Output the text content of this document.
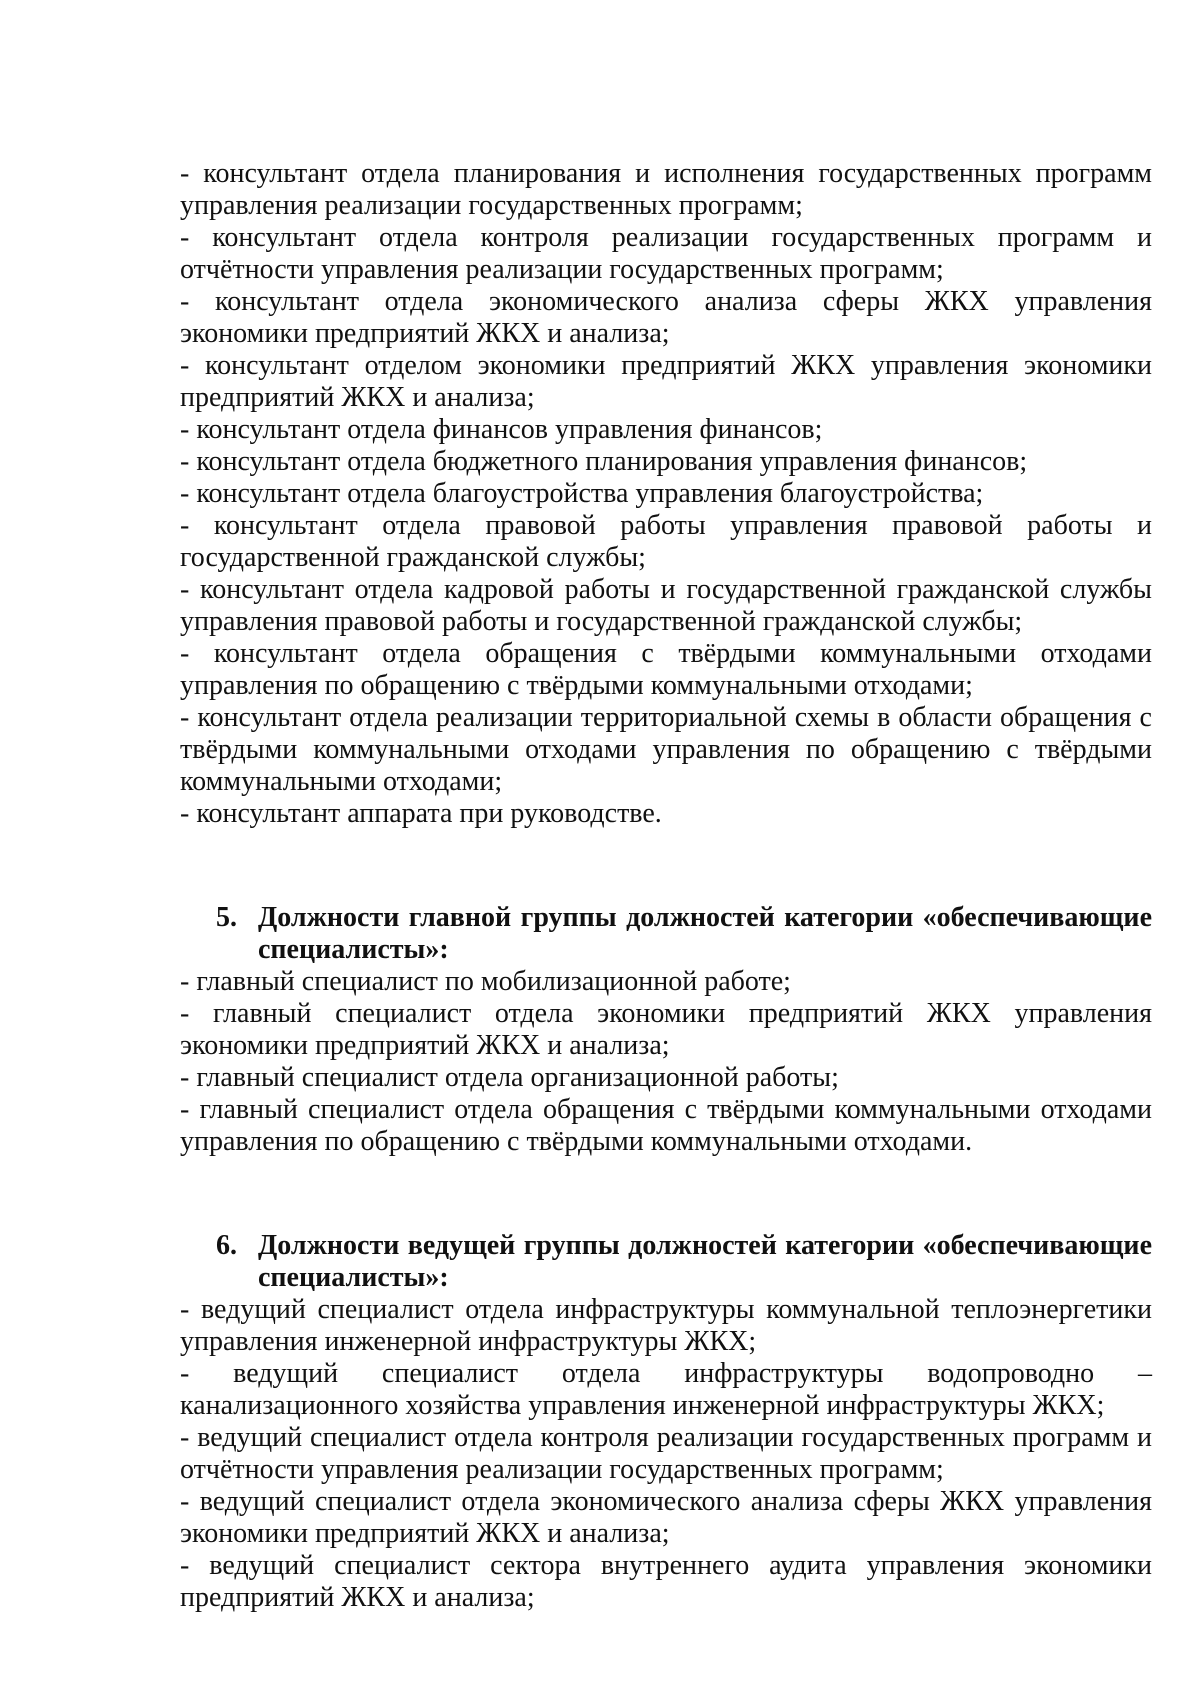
- консультант отдела планирования и исполнения государственных программ управления реализации государственных программ;

- консультант отдела контроля реализации государственных программ и отчётности управления реализации государственных программ;

- консультант отдела экономического анализа сферы ЖКХ управления экономики предприятий ЖКХ и анализа;

- консультант отделом экономики предприятий ЖКХ управления экономики предприятий ЖКХ и анализа;

- консультант отдела финансов управления финансов;

- консультант отдела бюджетного планирования управления финансов;

- консультант отдела благоустройства управления благоустройства;

- консультант отдела правовой работы управления правовой работы и государственной гражданской службы;

- консультант отдела кадровой работы и государственной гражданской службы управления правовой работы и государственной гражданской службы;

- консультант отдела обращения с твёрдыми коммунальными отходами управления по обращению с твёрдыми коммунальными отходами;

- консультант отдела реализации территориальной схемы в области обращения с твёрдыми коммунальными отходами управления по обращению с твёрдыми коммунальными отходами;

- консультант аппарата при руководстве.

5. Должности главной группы должностей категории «обеспечивающие специалисты»:

- главный специалист по мобилизационной работе;

- главный специалист отдела экономики предприятий ЖКХ управления экономики предприятий ЖКХ и анализа;

- главный специалист отдела организационной работы;

- главный специалист отдела обращения с твёрдыми коммунальными отходами управления по обращению с твёрдыми коммунальными отходами.

6. Должности ведущей группы должностей категории «обеспечивающие специалисты»:

- ведущий специалист отдела инфраструктуры коммунальной теплоэнергетики управления инженерной инфраструктуры ЖКХ;

- ведущий специалист отдела инфраструктуры водопроводно – канализационного хозяйства управления инженерной инфраструктуры ЖКХ;

- ведущий специалист отдела контроля реализации государственных программ и отчётности управления реализации государственных программ;

- ведущий специалист отдела экономического анализа сферы ЖКХ управления экономики предприятий ЖКХ и анализа;

- ведущий специалист сектора внутреннего аудита управления экономики предприятий ЖКХ и анализа;
